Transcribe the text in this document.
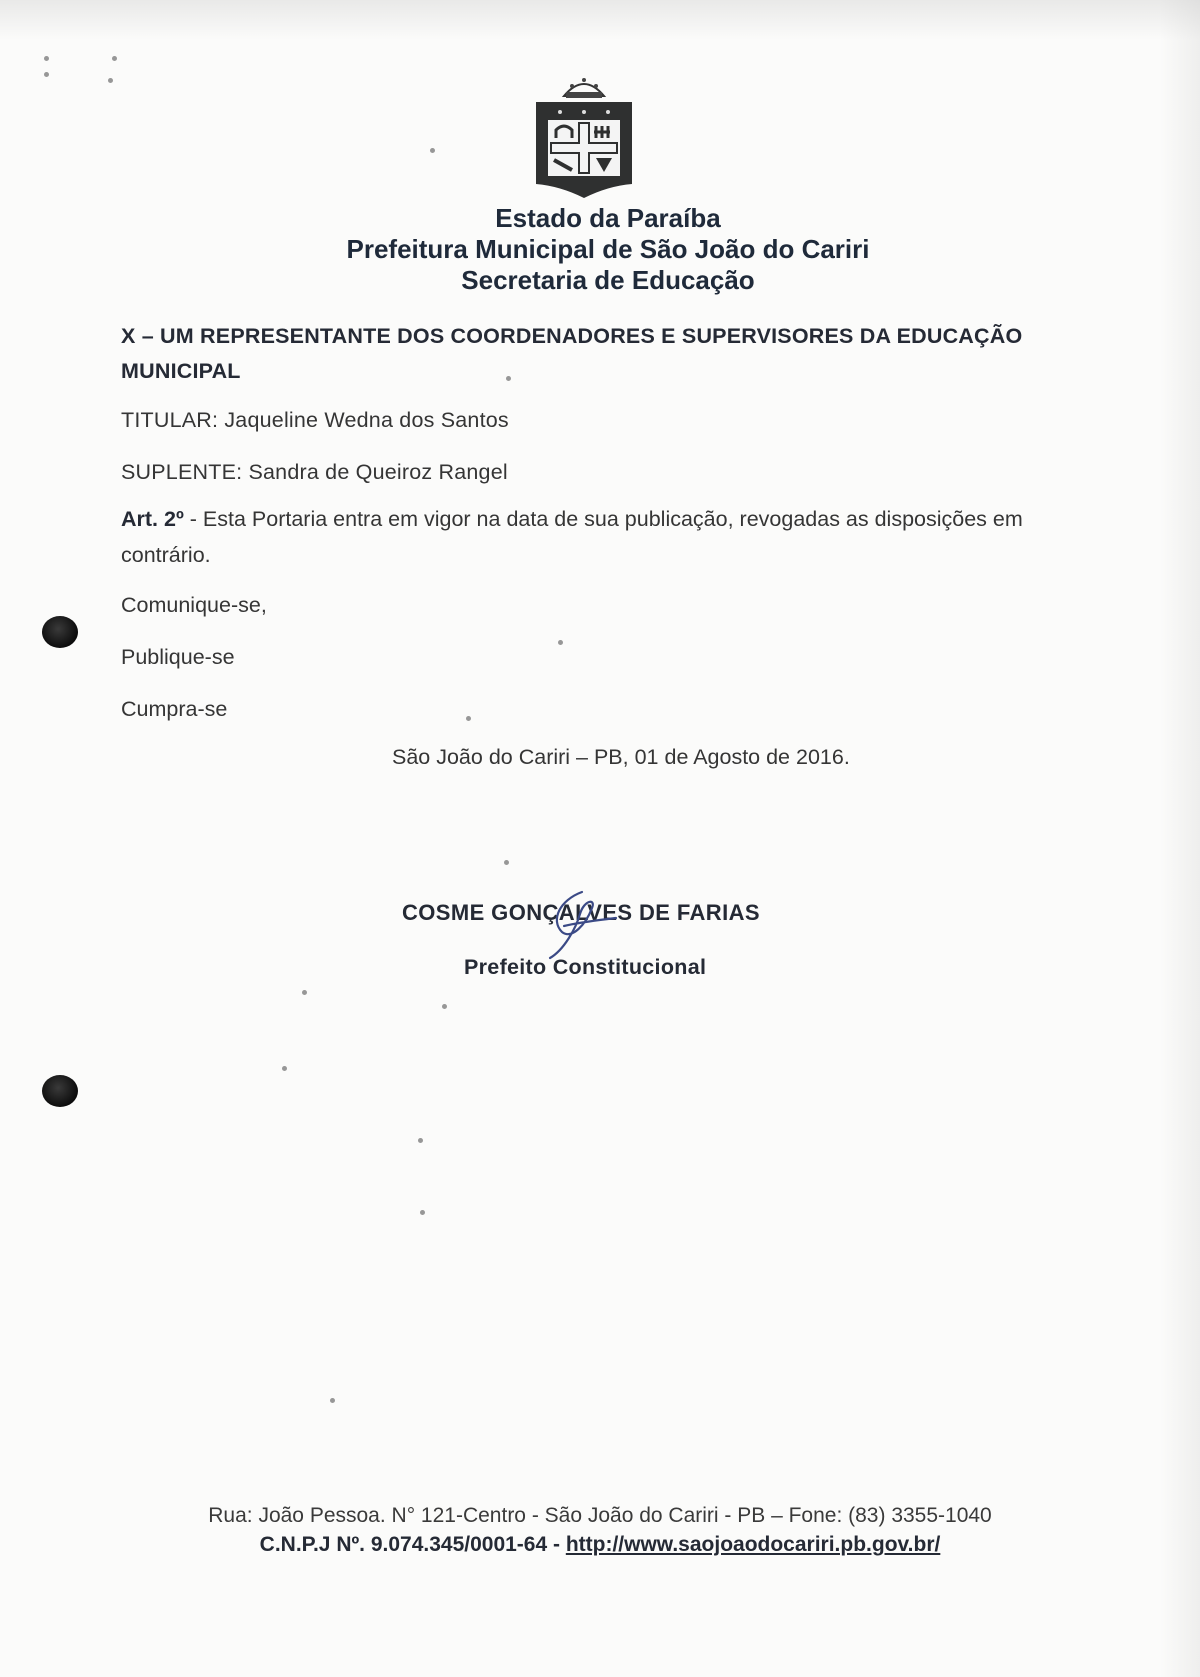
Estado da Paraíba
Prefeitura Municipal de São João do Cariri
Secretaria de Educação
X – UM REPRESENTANTE DOS COORDENADORES E SUPERVISORES DA EDUCAÇÃO MUNICIPAL
TITULAR: Jaqueline Wedna dos Santos
SUPLENTE: Sandra de Queiroz Rangel
Art. 2º - Esta Portaria entra em vigor na data de sua publicação, revogadas as disposições em contrário.
Comunique-se,
Publique-se
Cumpra-se
São João do Cariri – PB, 01 de Agosto de 2016.
COSME GONÇALVES DE FARIAS
Prefeito Constitucional
Rua: João Pessoa. N° 121-Centro - São João do Cariri - PB – Fone: (83) 3355-1040
C.N.P.J Nº. 9.074.345/0001-64 - http://www.saojoaodocariri.pb.gov.br/
